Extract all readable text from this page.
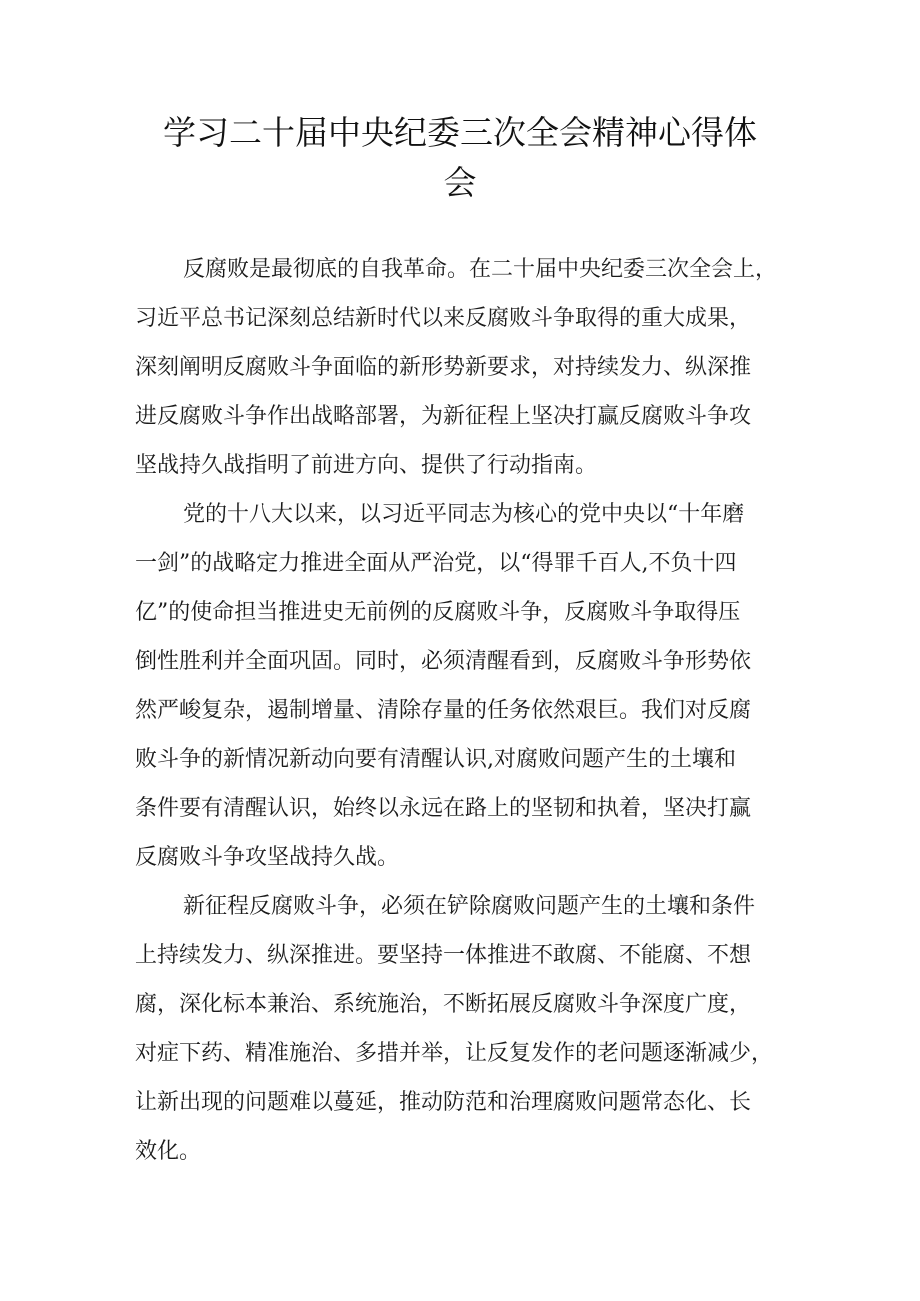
学习二十届中央纪委三次全会精神心得体
会
反腐败是最彻底的自我革命。在二十届中央纪委三次全会上，
习近平总书记深刻总结新时代以来反腐败斗争取得的重大成果，
深刻阐明反腐败斗争面临的新形势新要求，对持续发力、纵深推
进反腐败斗争作出战略部署，为新征程上坚决打赢反腐败斗争攻
坚战持久战指明了前进方向、提供了行动指南。
党的十八大以来，以习近平同志为核心的党中央以“十年磨
一剑”的战略定力推进全面从严治党，以“得罪千百人,不负十四
亿”的使命担当推进史无前例的反腐败斗争，反腐败斗争取得压
倒性胜利并全面巩固。同时，必须清醒看到，反腐败斗争形势依
然严峻复杂，遏制增量、清除存量的任务依然艰巨。我们对反腐
败斗争的新情况新动向要有清醒认识,对腐败问题产生的土壤和
条件要有清醒认识，始终以永远在路上的坚韧和执着，坚决打赢
反腐败斗争攻坚战持久战。
新征程反腐败斗争，必须在铲除腐败问题产生的土壤和条件
上持续发力、纵深推进。要坚持一体推进不敢腐、不能腐、不想
腐，深化标本兼治、系统施治，不断拓展反腐败斗争深度广度，
对症下药、精准施治、多措并举，让反复发作的老问题逐渐减少，
让新出现的问题难以蔓延，推动防范和治理腐败问题常态化、长
效化。
